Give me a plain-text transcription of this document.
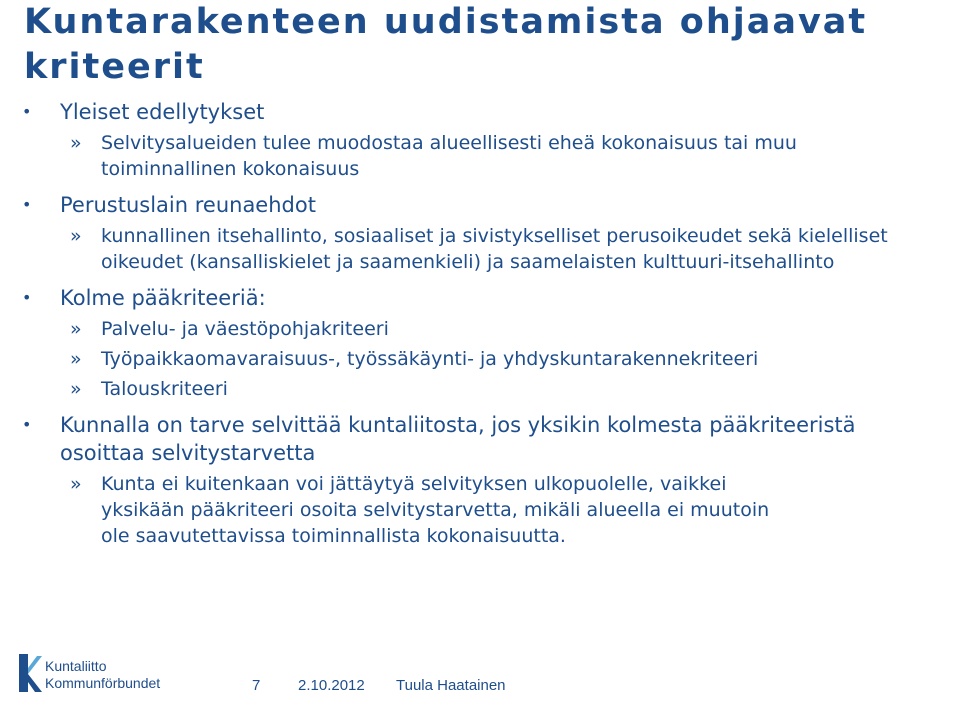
Kuntarakenteen uudistamista ohjaavat kriteerit

• Yleiset edellytykset

» Selvitysalueiden tulee muodostaa alueellisesti eheä kokonaisuus tai muu toiminnallinen kokonaisuus

• Perustuslain reunaehdot

» kunnallinen itsehallinto, sosiaaliset ja sivistykselliset perusoikeudet sekä kielelliset oikeudet (kansalliskielet ja saamenkieli) ja saamelaisten kulttuuri-itsehallinto

• Kolme pääkriteeriä:

» Palvelu- ja väestöpohjakriteeri

» Työpaikkaomavaraisuus-, työssäkäynti- ja yhdyskuntarakennekriteeri

» Talouskriteeri

• Kunnalla on tarve selvittää kuntaliitosta, jos yksikin kolmesta pääkriteeristä osoittaa selvitystarvetta

» Kunta ei kuitenkaan voi jättäytyä selvityksen ulkopuolelle, vaikkei yksikään pääkriteeri osoita selvitystarvetta, mikäli alueella ei muutoin ole saavutettavissa toiminnallista kokonaisuutta.

Kuntaliitto
Kommunförbundet	7	2.10.2012 Tuula Haatainen
